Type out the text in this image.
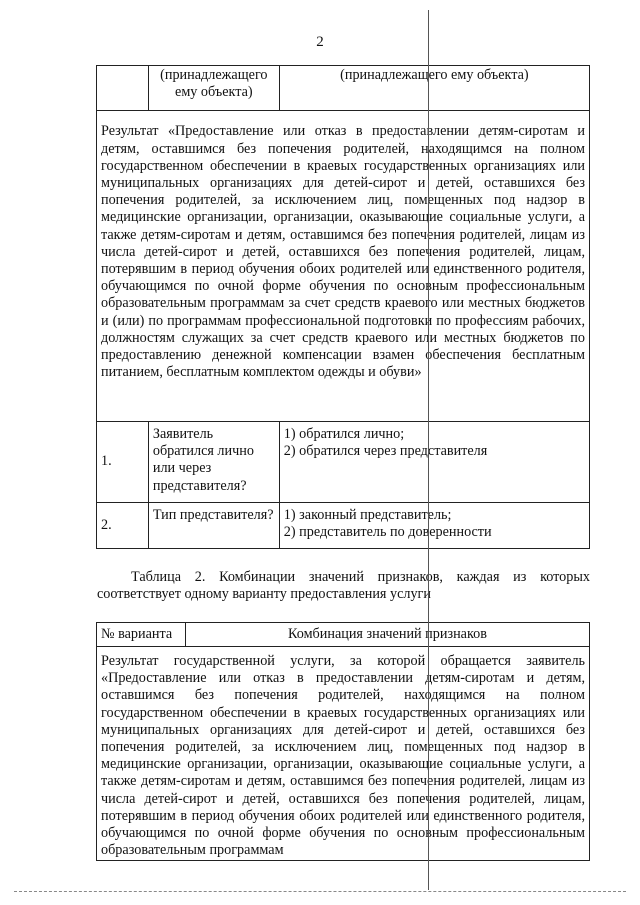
2
	(принадлежащего ему объекта)	(принадлежащего ему объекта)
Результат «Предоставление или отказ в предоставлении детям-сиротам и детям, оставшимся без попечения родителей, находящимся на полном государственном обеспечении в краевых государственных организациях или муниципальных организациях для детей-сирот и детей, оставшихся без попечения родителей, за исключением лиц, помещенных под надзор в медицинские организации, организации, оказывающие социальные услуги, а также детям-сиротам и детям, оставшимся без попечения родителей, лицам из числа детей-сирот и детей, оставшихся без попечения родителей, лицам, потерявшим в период обучения обоих родителей или единственного родителя, обучающимся по очной форме обучения по основным профессиональным образовательным программам за счет средств краевого или местных бюджетов и (или) по программам профессиональной подготовки по профессиям рабочих, должностям служащих за счет средств краевого или местных бюджетов по предоставлению денежной компенсации взамен обеспечения бесплатным питанием, бесплатным комплектом одежды и обуви»		
1.	Заявитель обратился лично или через представителя?	1) обратился лично;
2) обратился через представителя

2.	Тип представителя?	1) законный представитель;
2) представитель по доверенности
Таблица 2. Комбинации значений признаков, каждая из которых соответствует одному варианту предоставления услуги
№ варианта	Комбинация значений признаков
Результат государственной услуги, за которой обращается заявитель «Предоставление или отказ в предоставлении детям-сиротам и детям, оставшимся без попечения родителей, находящимся на полном государственном обеспечении в краевых государственных организациях или муниципальных организациях для детей-сирот и детей, оставшихся без попечения родителей, за исключением лиц, помещенных под надзор в медицинские организации, организации, оказывающие социальные услуги, а также детям-сиротам и детям, оставшимся без попечения родителей, лицам из числа детей-сирот и детей, оставшихся без попечения родителей, лицам, потерявшим в период обучения обоих родителей или единственного родителя, обучающимся по очной форме обучения по основным профессиональным образовательным программам
